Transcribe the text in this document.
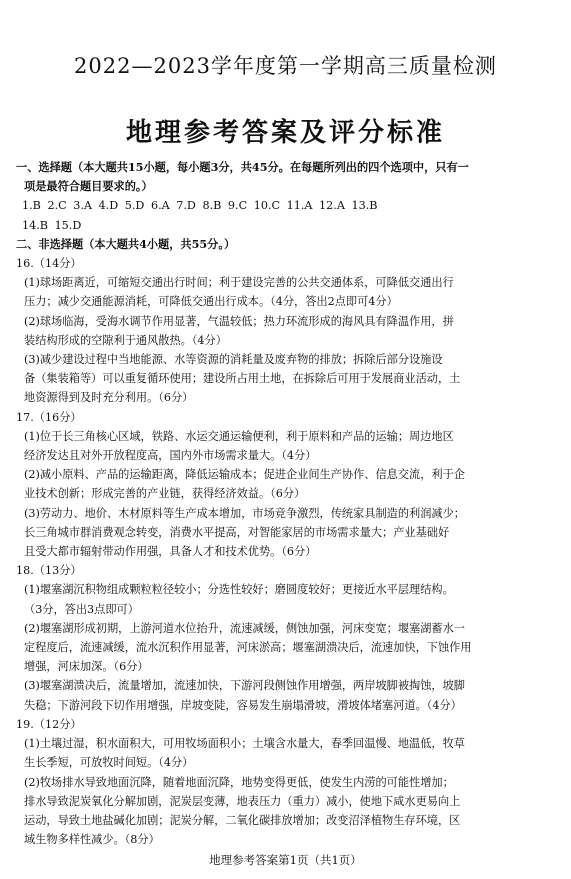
2022—2023学年度第一学期高三质量检测
地理参考答案及评分标准
一、选择题（本大题共15小题，每小题3分，共45分。在每题所列出的四个选项中，只有一
项是最符合题目要求的。）
1.B 2.C 3.A 4.D 5.D 6.A 7.D 8.B 9.C 10.C 11.A 12.A 13.B
14.B 15.D
二、非选择题（本大题共4小题，共55分。）
16.（14分）
(1)球场距离近，可缩短交通出行时间；利于建设完善的公共交通体系，可降低交通出行
压力；减少交通能源消耗，可降低交通出行成本。（4分，答出2点即可4分）
(2)球场临海，受海水调节作用显著，气温较低；热力环流形成的海风具有降温作用，拼
装结构形成的空隙利于通风散热。（4分）
(3)减少建设过程中当地能源、水等资源的消耗量及废弃物的排放；拆除后部分设施设
备（集装箱等）可以重复循环使用；建设所占用土地，在拆除后可用于发展商业活动，土
地资源得到及时充分利用。（6分）
17.（16分）
(1)位于长三角核心区域，铁路、水运交通运输便利，利于原料和产品的运输；周边地区
经济发达且对外开放程度高，国内外市场需求量大。（4分）
(2)减小原料、产品的运输距离，降低运输成本；促进企业间生产协作、信息交流，利于企
业技术创新；形成完善的产业链，获得经济效益。（6分）
(3)劳动力、地价、木材原料等生产成本增加，市场竞争激烈，传统家具制造的利润减少；
长三角城市群消费观念转变，消费水平提高，对智能家居的市场需求量大；产业基础好
且受大都市辐射带动作用强，具备人才和技术优势。（6分）
18.（13分）
(1)堰塞湖沉积物组成颗粒粒径较小；分选性较好；磨圆度较好；更接近水平层理结构。
（3分，答出3点即可）
(2)堰塞湖形成初期，上游河道水位抬升，流速减缓，侧蚀加强，河床变宽；堰塞湖蓄水一
定程度后，流速减缓，流水沉积作用显著，河床淤高；堰塞湖溃决后，流速加快，下蚀作用
增强，河床加深。（6分）
(3)堰塞湖溃决后，流量增加，流速加快，下游河段侧蚀作用增强，两岸坡脚被掏蚀，坡脚
失稳；下游河段下切作用增强，岸坡变陡，容易发生崩塌滑坡，滑坡体堵塞河道。（4分）
19.（12分）
(1)土壤过湿，积水面积大，可用牧场面积小；土壤含水量大，春季回温慢、地温低，牧草
生长季短，可放牧时间短。（4分）
(2)牧场排水导致地面沉降，随着地面沉降，地势变得更低，使发生内涝的可能性增加；
排水导致泥炭氧化分解加剧，泥炭层变薄，地表压力（重力）减小，使地下咸水更易向上
运动，导致土地盐碱化加剧；泥炭分解，二氧化碳排放增加；改变沼泽植物生存环境，区
域生物多样性减少。（8分）
地理参考答案第1页（共1页）
